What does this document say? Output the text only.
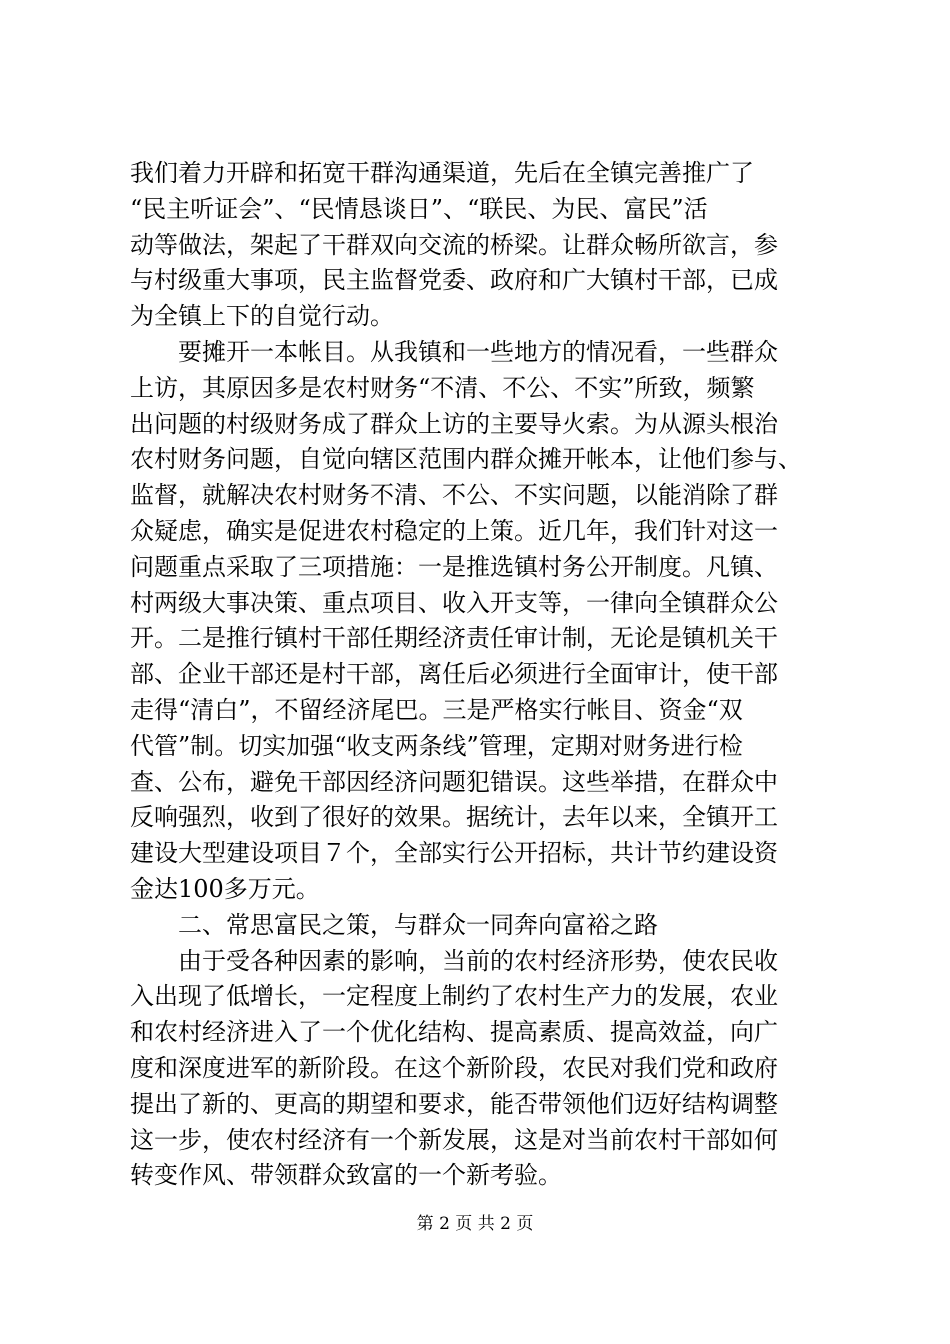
我们着力开辟和拓宽干群沟通渠道，先后在全镇完善推广了
“民主听证会”、“民情恳谈日”、“联民、为民、富民”活
动等做法，架起了干群双向交流的桥梁。让群众畅所欲言，参
与村级重大事项，民主监督党委、政府和广大镇村干部，已成
为全镇上下的自觉行动。
　　要摊开一本帐目。从我镇和一些地方的情况看，一些群众
上访，其原因多是农村财务“不清、不公、不实”所致，频繁
出问题的村级财务成了群众上访的主要导火索。为从源头根治
农村财务问题，自觉向辖区范围内群众摊开帐本，让他们参与、
监督，就解决农村财务不清、不公、不实问题，以能消除了群
众疑虑，确实是促进农村稳定的上策。近几年，我们针对这一
问题重点采取了三项措施：一是推选镇村务公开制度。凡镇、
村两级大事决策、重点项目、收入开支等，一律向全镇群众公
开。二是推行镇村干部任期经济责任审计制，无论是镇机关干
部、企业干部还是村干部，离任后必须进行全面审计，使干部
走得“清白”，不留经济尾巴。三是严格实行帐目、资金“双
代管”制。切实加强“收支两条线”管理，定期对财务进行检
查、公布，避免干部因经济问题犯错误。这些举措，在群众中
反响强烈，收到了很好的效果。据统计，去年以来，全镇开工
建设大型建设项目７个，全部实行公开招标，共计节约建设资
金达100多万元。
　　二、常思富民之策，与群众一同奔向富裕之路
　　由于受各种因素的影响，当前的农村经济形势，使农民收
入出现了低增长，一定程度上制约了农村生产力的发展，农业
和农村经济进入了一个优化结构、提高素质、提高效益，向广
度和深度进军的新阶段。在这个新阶段，农民对我们党和政府
提出了新的、更高的期望和要求，能否带领他们迈好结构调整
这一步，使农村经济有一个新发展，这是对当前农村干部如何
转变作风、带领群众致富的一个新考验。
第 2 页 共 2 页
